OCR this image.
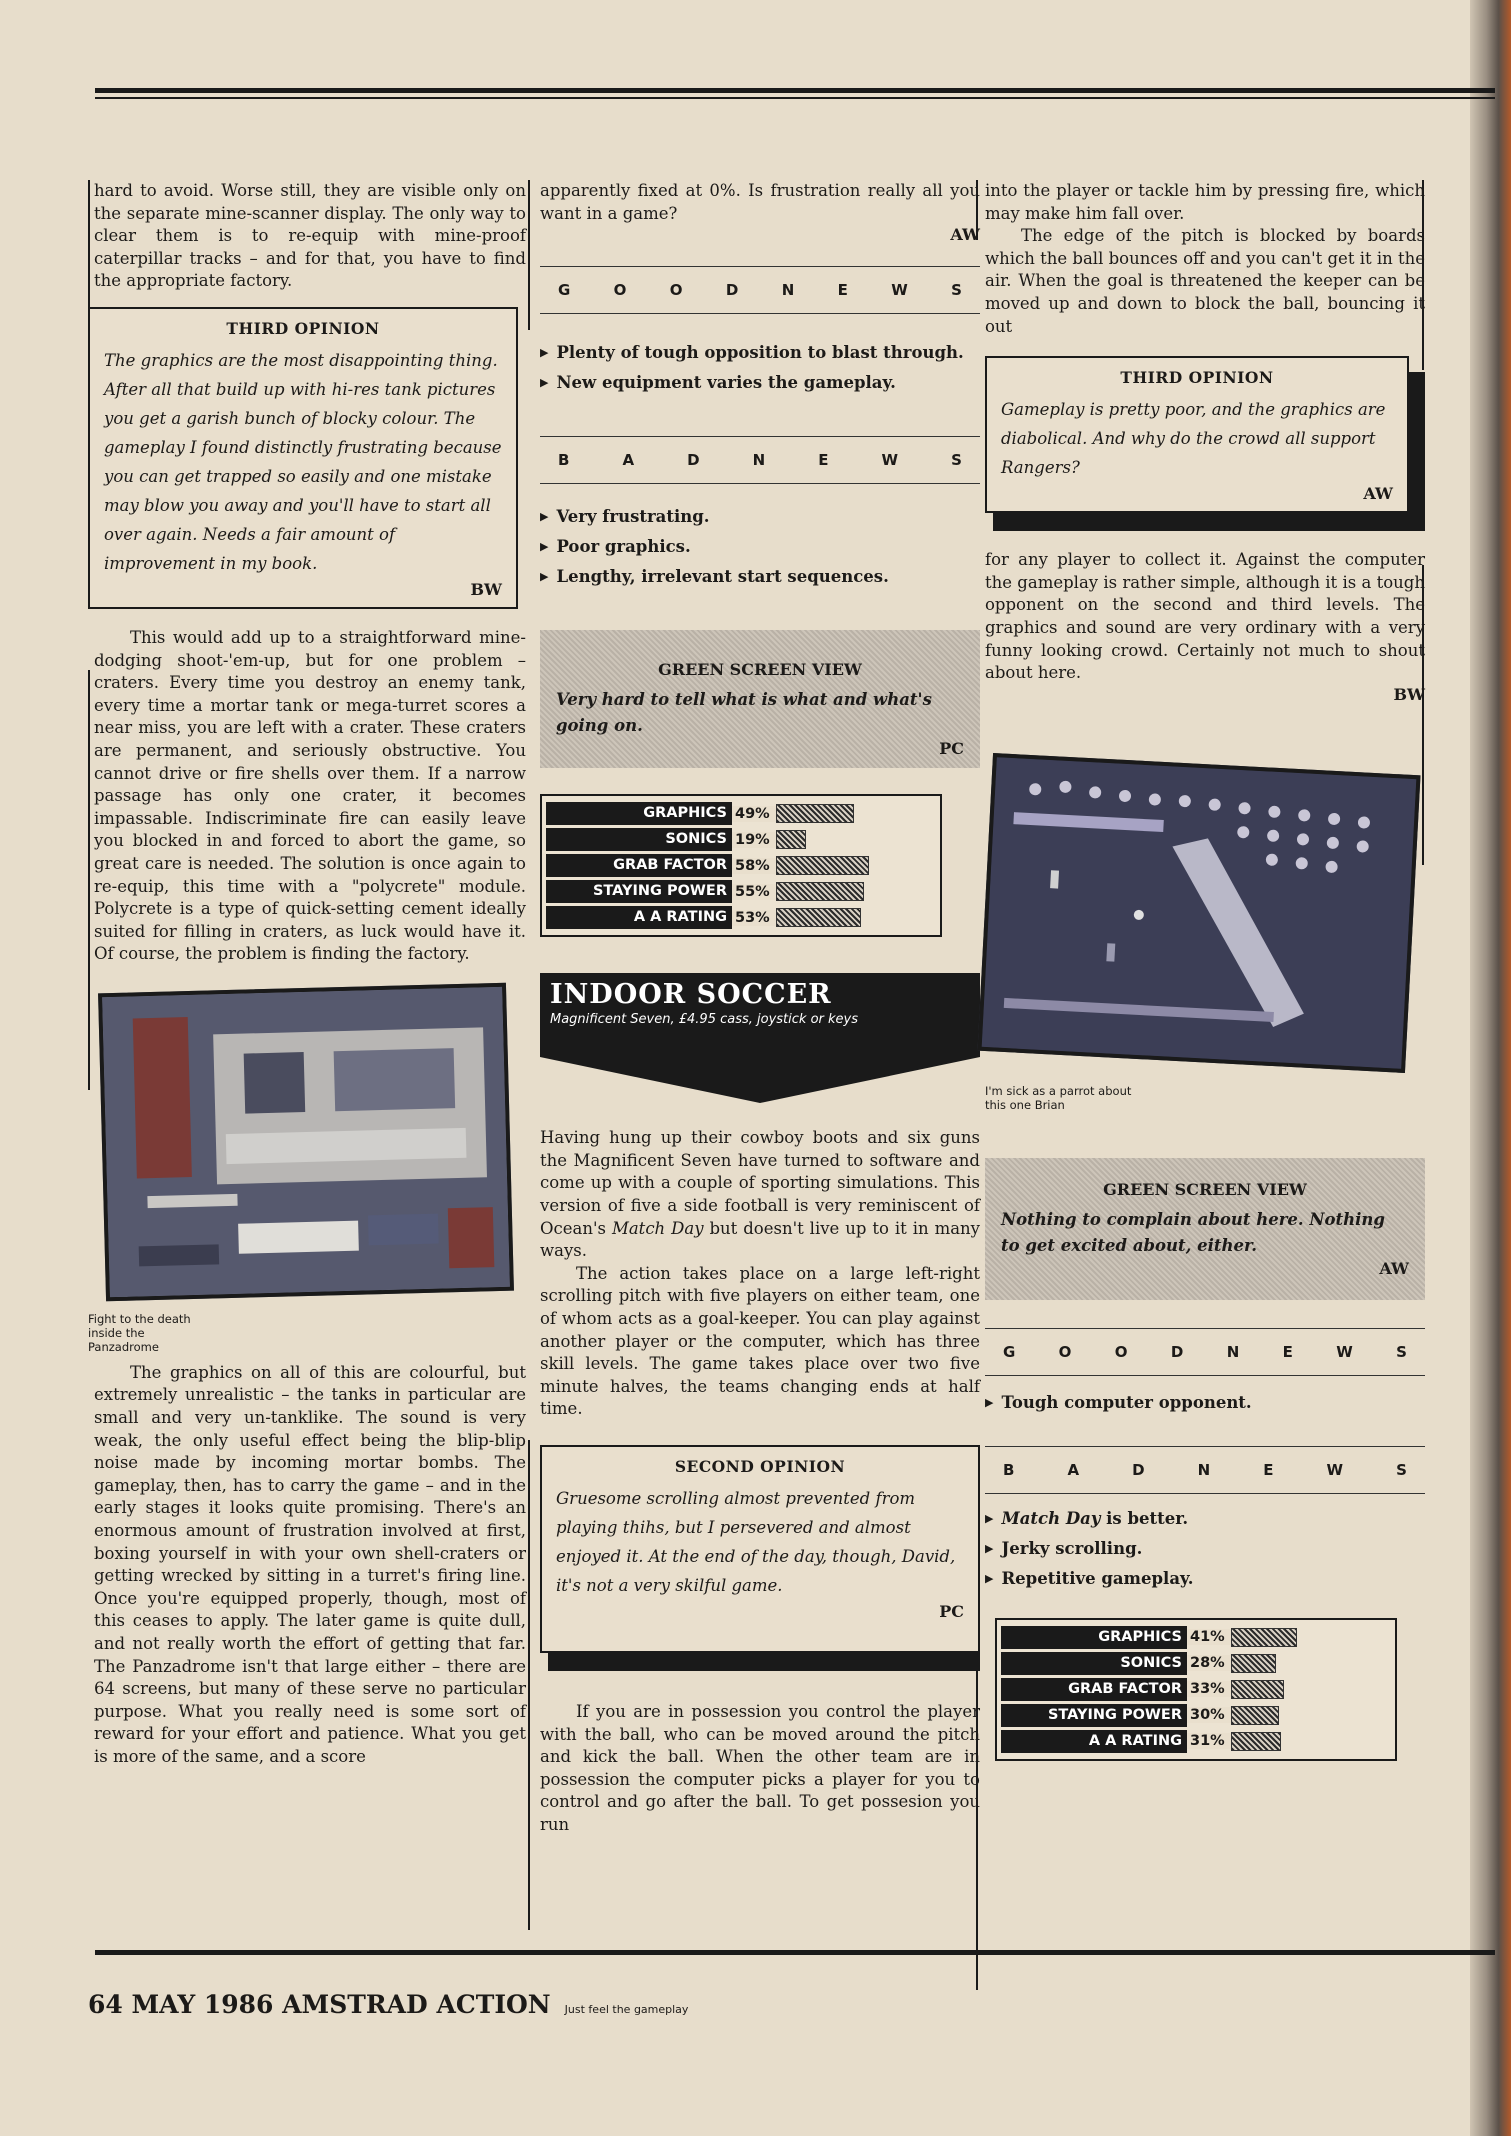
hard to avoid. Worse still, they are visible only on the separate mine-scanner display. The only way to clear them is to re-equip with mine-proof caterpillar tracks – and for that, you have to find the appropriate factory.

THIRD OPINION

The graphics are the most disappointing thing. After all that build up with hi-res tank pictures you get a garish bunch of blocky colour. The gameplay I found distinctly frustrating because you can get trapped so easily and one mistake may blow you away and you'll have to start all over again. Needs a fair amount of improvement in my book.

BW

This would add up to a straightforward mine-dodging shoot-'em-up, but for one problem – craters. Every time you destroy an enemy tank, every time a mortar tank or mega-turret scores a near miss, you are left with a crater. These craters are permanent, and seriously obstructive. You cannot drive or fire shells over them. If a narrow passage has only one crater, it becomes impassable. Indiscriminate fire can easily leave you blocked in and forced to abort the game, so great care is needed. The solution is once again to re-equip, this time with a "polycrete" module. Polycrete is a type of quick-setting cement ideally suited for filling in craters, as luck would have it. Of course, the problem is finding the factory.

Fight to the death inside the Panzadrome

The graphics on all of this are colourful, but extremely unrealistic – the tanks in particular are small and very un-tanklike. The sound is very weak, the only useful effect being the blip-blip noise made by incoming mortar bombs. The gameplay, then, has to carry the game – and in the early stages it looks quite promising. There's an enormous amount of frustration involved at first, boxing yourself in with your own shell-craters or getting wrecked by sitting in a turret's firing line. Once you're equipped properly, though, most of this ceases to apply. The later game is quite dull, and not really worth the effort of getting that far. The Panzadrome isn't that large either – there are 64 screens, but many of these serve no particular purpose. What you really need is some sort of reward for your effort and patience. What you get is more of the same, and a score

apparently fixed at 0%. Is frustration really all you want in a game?

AW
G	O	O	D	N	E	W	S
▶ Plenty of tough opposition to blast through.
▶ New equipment varies the gameplay.
B	A	D	N	E	W	S
▶ Very frustrating.
▶ Poor graphics.
▶ Lengthy, irrelevant start sequences.
GREEN SCREEN VIEW

Very hard to tell what is what and what's going on.

PC
GRAPHICS 49%
SONICS 19%
GRAB FACTOR 58%
STAYING POWER 55%
A A RATING 53%
INDOOR SOCCER
Magnificent Seven, £4.95 cass, joystick or keys

Having hung up their cowboy boots and six guns the Magnificent Seven have turned to software and come up with a couple of sporting simulations. This version of five a side football is very reminiscent of Ocean's Match Day but doesn't live up to it in many ways.

The action takes place on a large left-right scrolling pitch with five players on either team, one of whom acts as a goal-keeper. You can play against another player or the computer, which has three skill levels. The game takes place over two five minute halves, the teams changing ends at half time.

SECOND OPINION

Gruesome scrolling almost prevented from playing thihs, but I persevered and almost enjoyed it. At the end of the day, though, David, it's not a very skilful game.

PC

If you are in possession you control the player with the ball, who can be moved around the pitch and kick the ball. When the other team are in possession the computer picks a player for you to control and go after the ball. To get possesion you run

into the player or tackle him by pressing fire, which may make him fall over.

The edge of the pitch is blocked by boards which the ball bounces off and you can't get it in the air. When the goal is threatened the keeper can be moved up and down to block the ball, bouncing it out

THIRD OPINION

Gameplay is pretty poor, and the graphics are diabolical. And why do the crowd all support Rangers?

AW

for any player to collect it. Against the computer the gameplay is rather simple, although it is a tough opponent on the second and third levels. The graphics and sound are very ordinary with a very funny looking crowd. Certainly not much to shout about here.

BW
I'm sick as a parrot about this one Brian
GREEN SCREEN VIEW

Nothing to complain about here. Nothing to get excited about, either.

AW
G	O	O	D	N	E	W	S
▶ Tough computer opponent.
B	A	D	N	E	W	S
▶ Match Day is better.
▶ Jerky scrolling.
▶ Repetitive gameplay.
GRAPHICS 41%
SONICS 28%
GRAB FACTOR 33%
STAYING POWER 30%
A A RATING 31%
64 MAY 1986 AMSTRAD ACTION Just feel the gameplay
